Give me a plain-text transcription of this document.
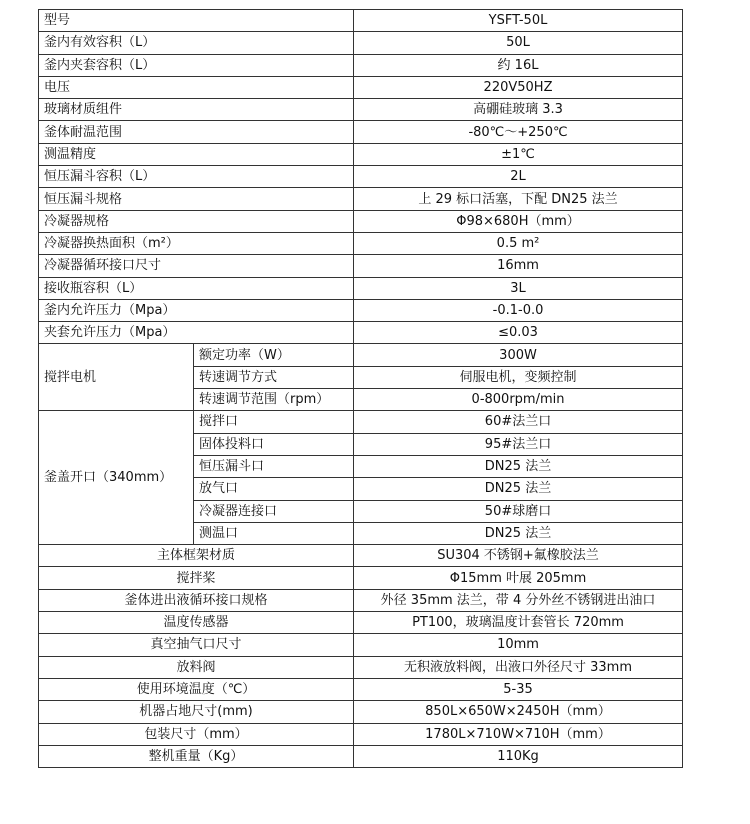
型号		YSFT-50L
釜内有效容积（L）		50L
釜内夹套容积（L）		约 16L
电压		220V50HZ
玻璃材质组件		高硼硅玻璃 3.3
釜体耐温范围		-80℃～+250℃
测温精度		±1℃
恒压漏斗容积（L）		2L
恒压漏斗规格		上 29 标口活塞，下配 DN25 法兰
冷凝器规格		Φ98×680H（mm）
冷凝器换热面积（m²）		0.5 m²
冷凝器循环接口尺寸		16mm
接收瓶容积（L）		3L
釜内允许压力（Mpa）		-0.1-0.0
夹套允许压力（Mpa）		≤0.03
搅拌电机	额定功率（W）	300W
	转速调节方式	伺服电机，变频控制
	转速调节范围（rpm）	0-800rpm/min

釜盖开口（340mm）	搅拌口	60#法兰口
	固体投料口	95#法兰口
	恒压漏斗口	DN25 法兰
	放气口	DN25 法兰
	冷凝器连接口	50#球磨口
	测温口	DN25 法兰
主体框架材质		SU304 不锈钢+氟橡胶法兰
搅拌桨		Φ15mm 叶展 205mm
釜体进出液循环接口规格		外径 35mm 法兰，带 4 分外丝不锈钢进出油口
温度传感器		PT100，玻璃温度计套管长 720mm
真空抽气口尺寸		10mm
放料阀		无积液放料阀，出液口外径尺寸 33mm
使用环境温度（℃）		5-35
机器占地尺寸(mm)		850L×650W×2450H（mm）
包装尺寸（mm）		1780L×710W×710H（mm）
整机重量（Kg）		110Kg
